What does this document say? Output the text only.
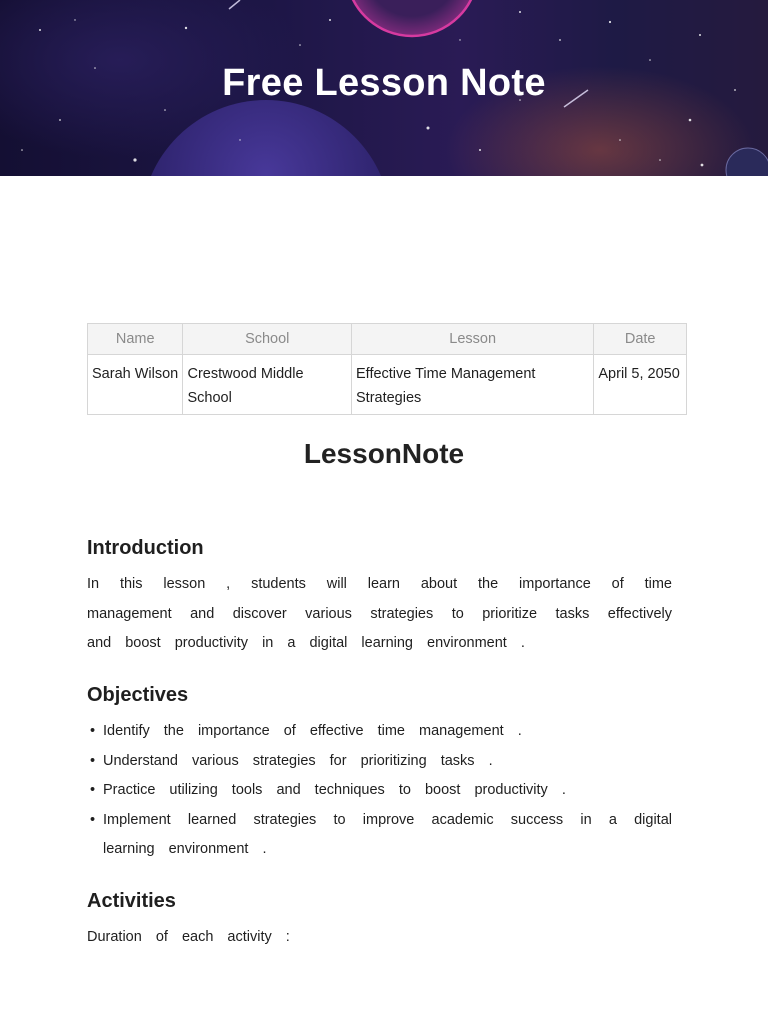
Free Lesson Note
Name	School	Lesson	Date
Sarah Wilson	Crestwood Middle School	Effective Time Management Strategies	April 5, 2050
LessonNote
Introduction
In this lesson , students will learn about the importance of time management and discover various strategies to prioritize tasks effectively and boost productivity in a digital learning environment .
Objectives
• Identify the importance of effective time management .
• Understand various strategies for prioritizing tasks .
• Practice utilizing tools and techniques to boost productivity .
• Implement learned strategies to improve academic success in a digital learning environment .
Activities
Duration of each activity :
